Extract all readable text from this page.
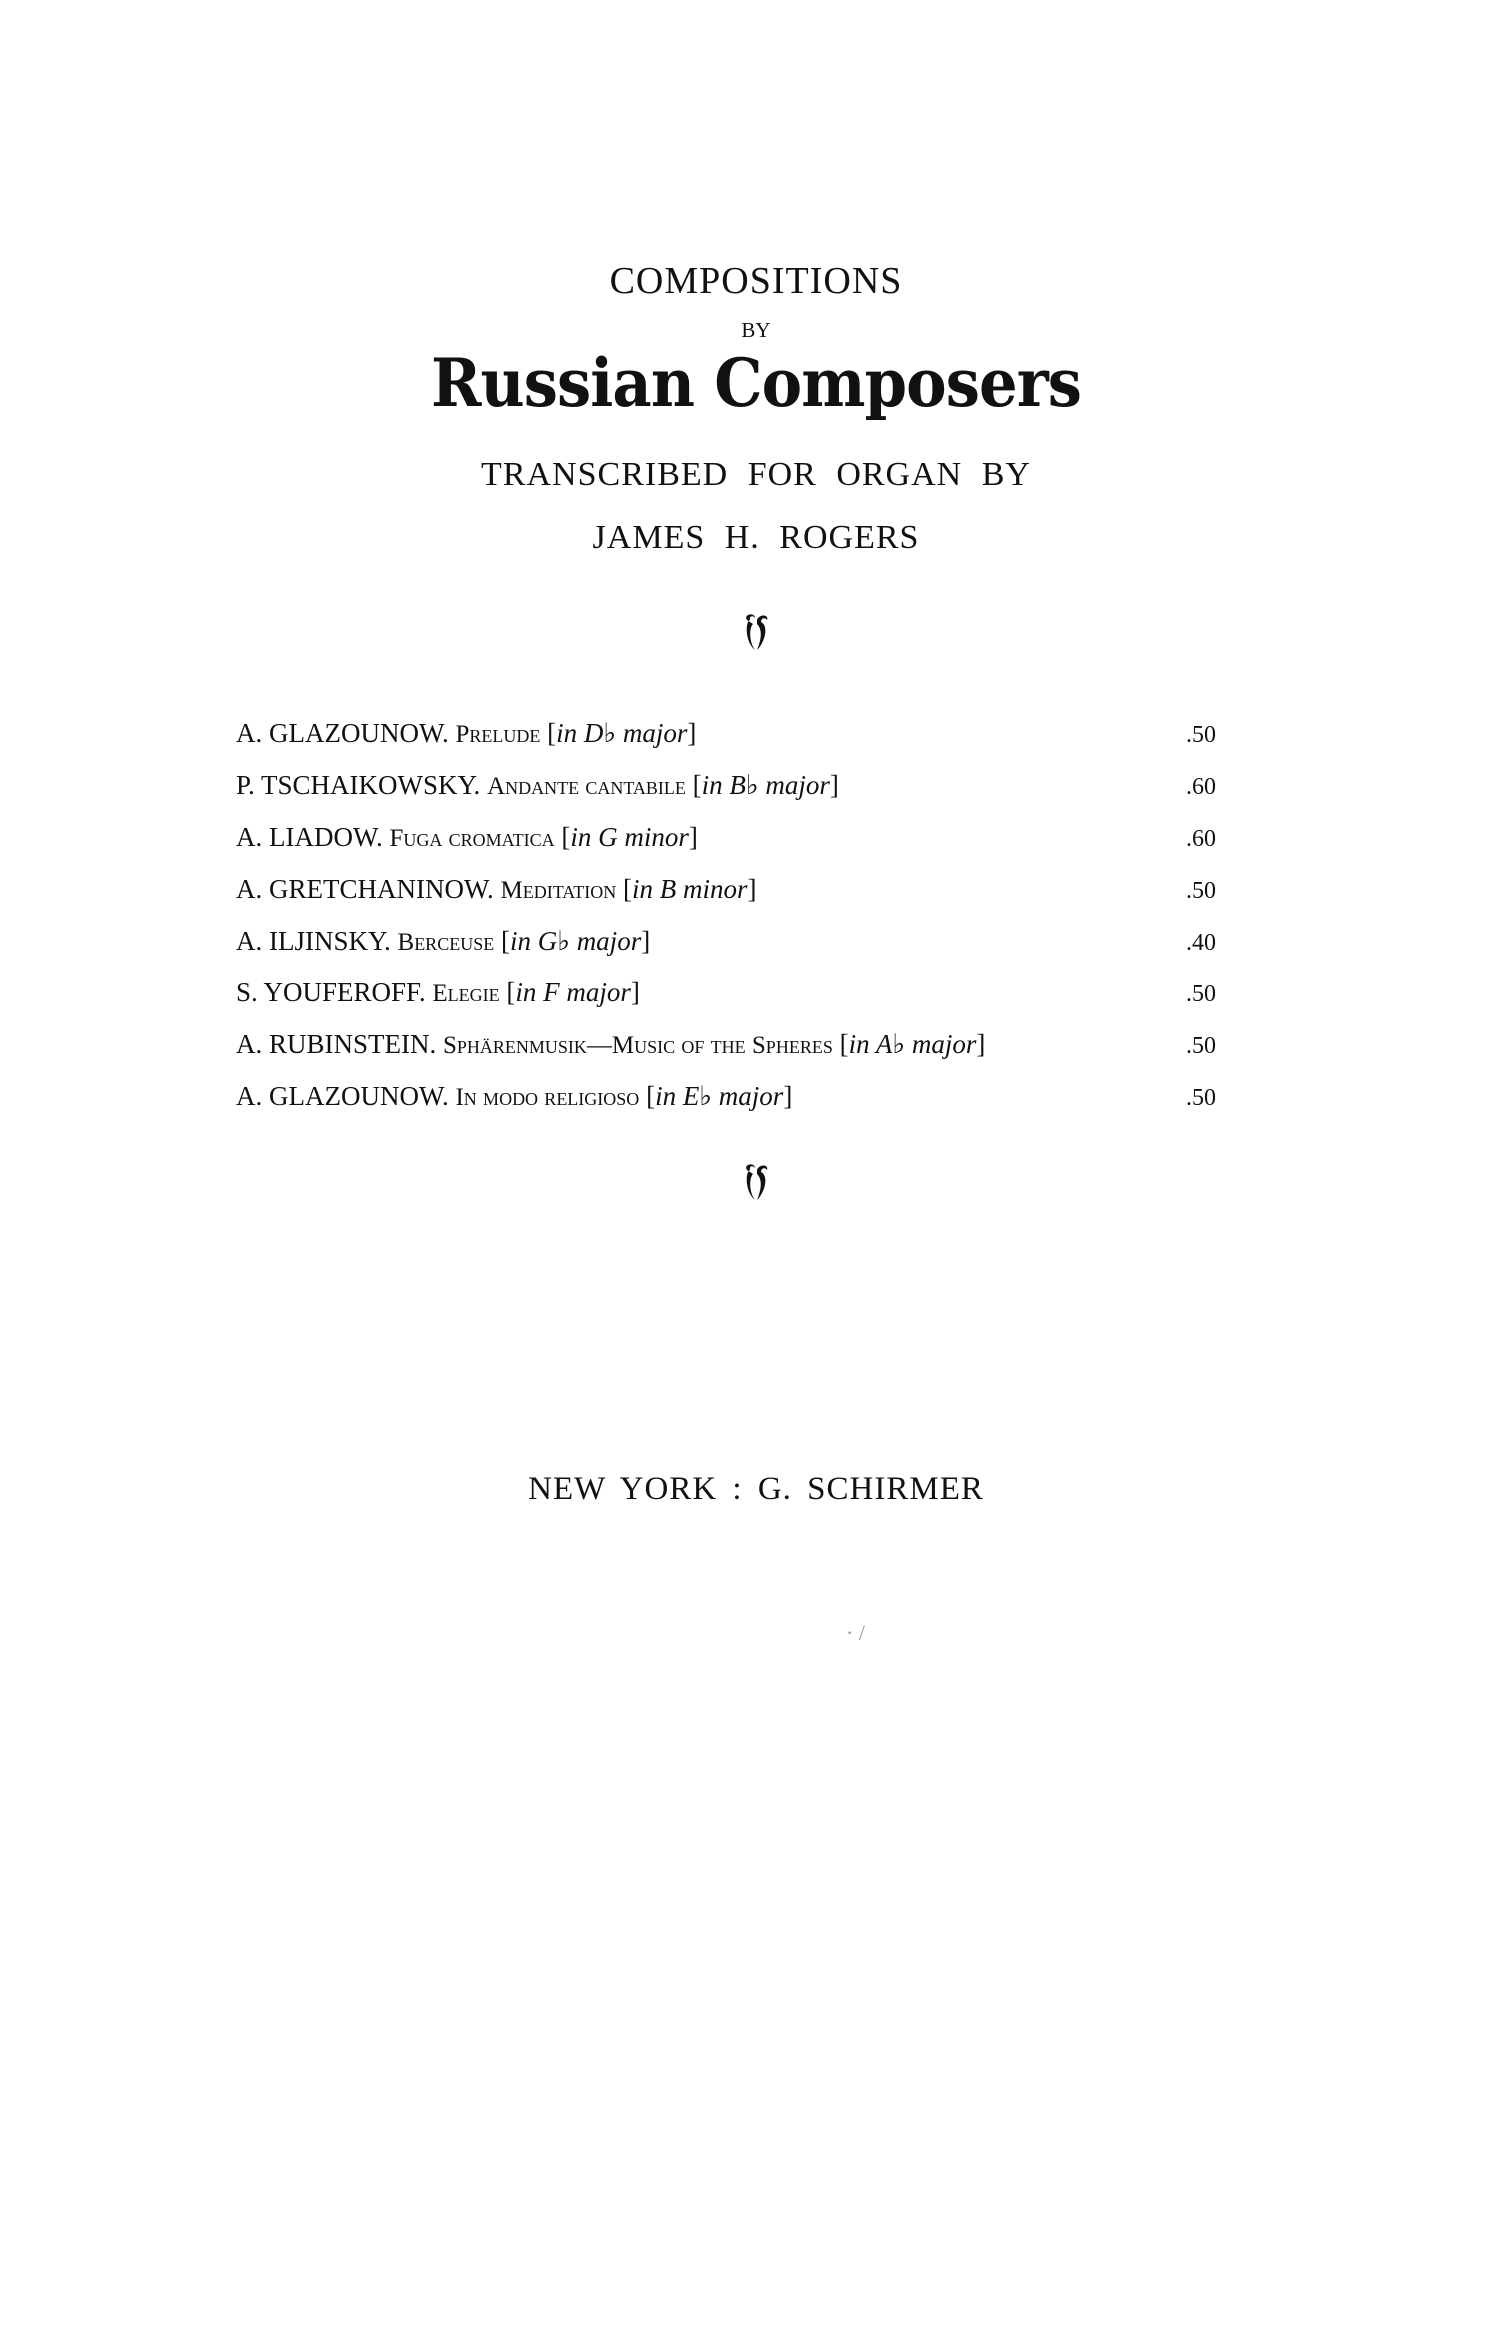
COMPOSITIONS
BY
Russian Composers
TRANSCRIBED FOR ORGAN BY
JAMES H. ROGERS
A. GLAZOUNOW.
Prelude
[ in D♭ major ]	.50
P. TSCHAIKOWSKY.
Andante cantabile
[ in B♭ major ]	.60
A. LIADOW.
Fuga cromatica
[ in G minor ]	.60
A. GRETCHANINOW.
Meditation
[ in B minor ]	.50
A. ILJINSKY.
Berceuse
[ in G♭ major ]	.40
S. YOUFEROFF.
Elegie
[ in F major ]	.50
A. RUBINSTEIN.
Sphärenmusik—Music of the Spheres
[ in A♭ major ]	.50
A. GLAZOUNOW.
In modo religioso
[ in E♭ major ]	.50
NEW YORK : G. SCHIRMER
· /
